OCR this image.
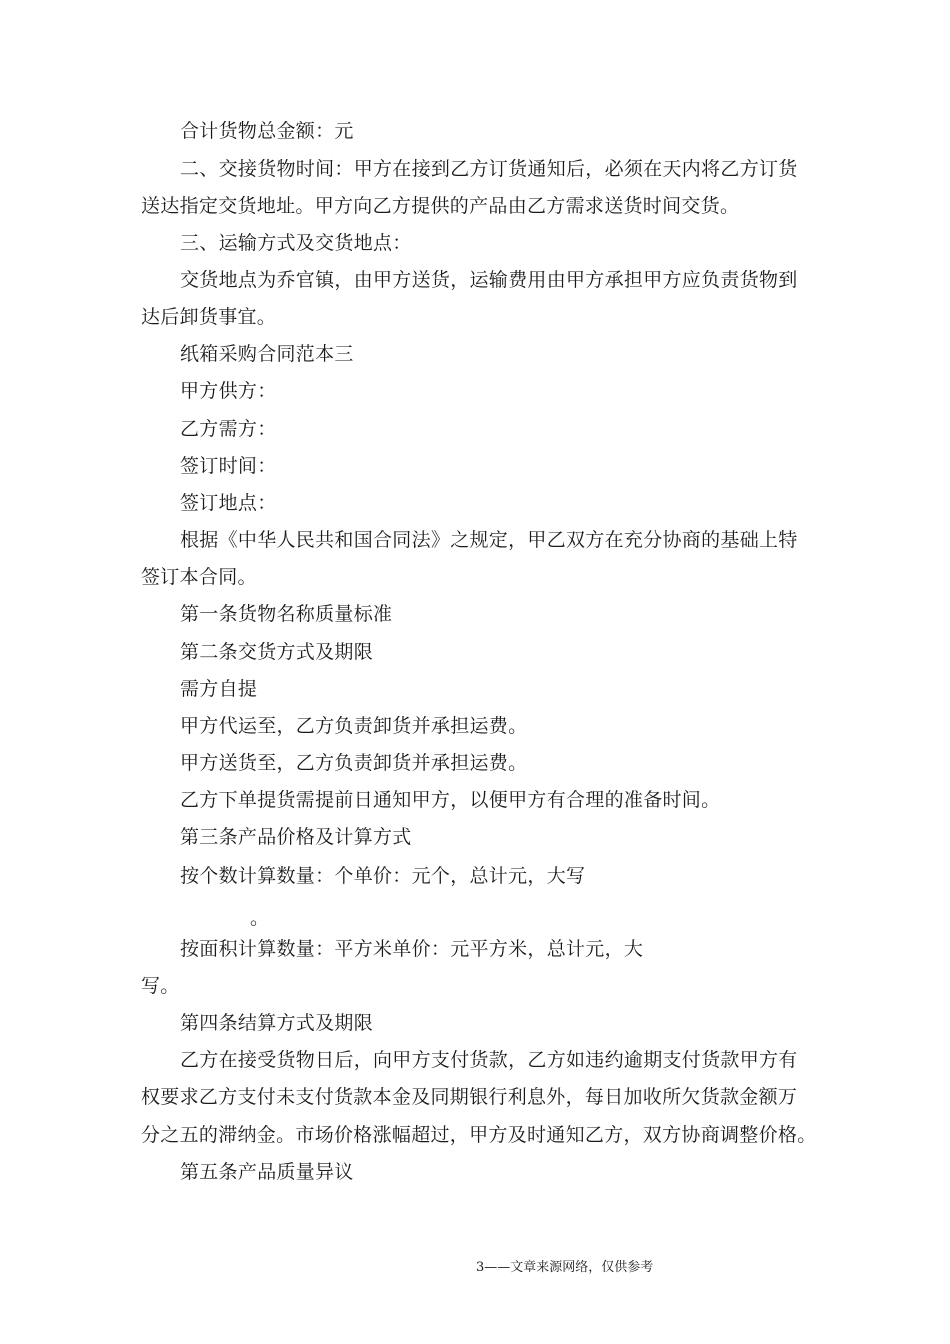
合计货物总金额：元
二、交接货物时间：甲方在接到乙方订货通知后，必须在天内将乙方订货
送达指定交货地址。甲方向乙方提供的产品由乙方需求送货时间交货。
三、运输方式及交货地点：
交货地点为乔官镇，由甲方送货，运输费用由甲方承担甲方应负责货物到
达后卸货事宜。
纸箱采购合同范本三
甲方供方：
乙方需方：
签订时间：
签订地点：
根据《中华人民共和国合同法》之规定，甲乙双方在充分协商的基础上特
签订本合同。
第一条货物名称质量标准
第二条交货方式及期限
需方自提
甲方代运至，乙方负责卸货并承担运费。
甲方送货至，乙方负责卸货并承担运费。
乙方下单提货需提前日通知甲方，以便甲方有合理的准备时间。
第三条产品价格及计算方式
按个数计算数量：个单价：元个，总计元，大写
。
按面积计算数量：平方米单价：元平方米，总计元，大
写。
第四条结算方式及期限
乙方在接受货物日后，向甲方支付货款，乙方如违约逾期支付货款甲方有
权要求乙方支付未支付货款本金及同期银行利息外，每日加收所欠货款金额万
分之五的滞纳金。市场价格涨幅超过，甲方及时通知乙方，双方协商调整价格。
第五条产品质量异议
3——文章来源网络，仅供参考
